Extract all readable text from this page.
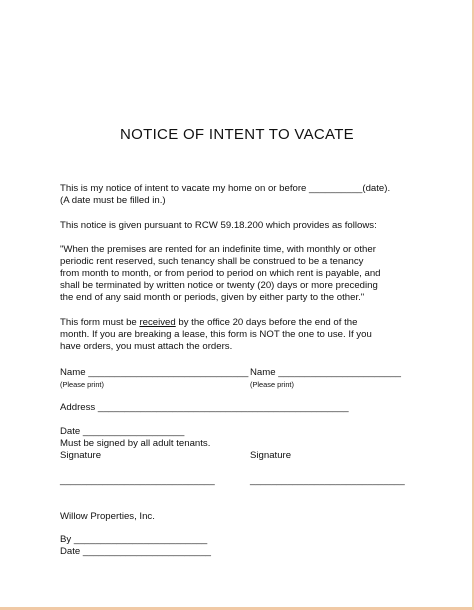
NOTICE OF INTENT TO VACATE
This is my notice of intent to vacate my home on or before __________(date).
(A date must be filled in.)
This notice is given pursuant to RCW 59.18.200 which provides as follows:
"When the premises are rented for an indefinite time, with monthly or other
periodic rent reserved, such tenancy shall be construed to be a tenancy
from month to month, or from period to period on which rent is payable, and
shall be terminated by written notice or twenty (20) days or more preceding
the end of any said month or periods, given by either party to the other."
This form must be received by the office 20 days before the end of the
month. If you are breaking a lease, this form is NOT the one to use. If you
have orders, you must attach the orders.
Name ______________________________ Name _______________________
(Please print)	(Please print)
Address _______________________________________________
Date ___________________
Must be signed by all adult tenants.
Signature	Signature
_____________________________	_____________________________
Willow Properties, Inc.
By _________________________
Date ________________________
